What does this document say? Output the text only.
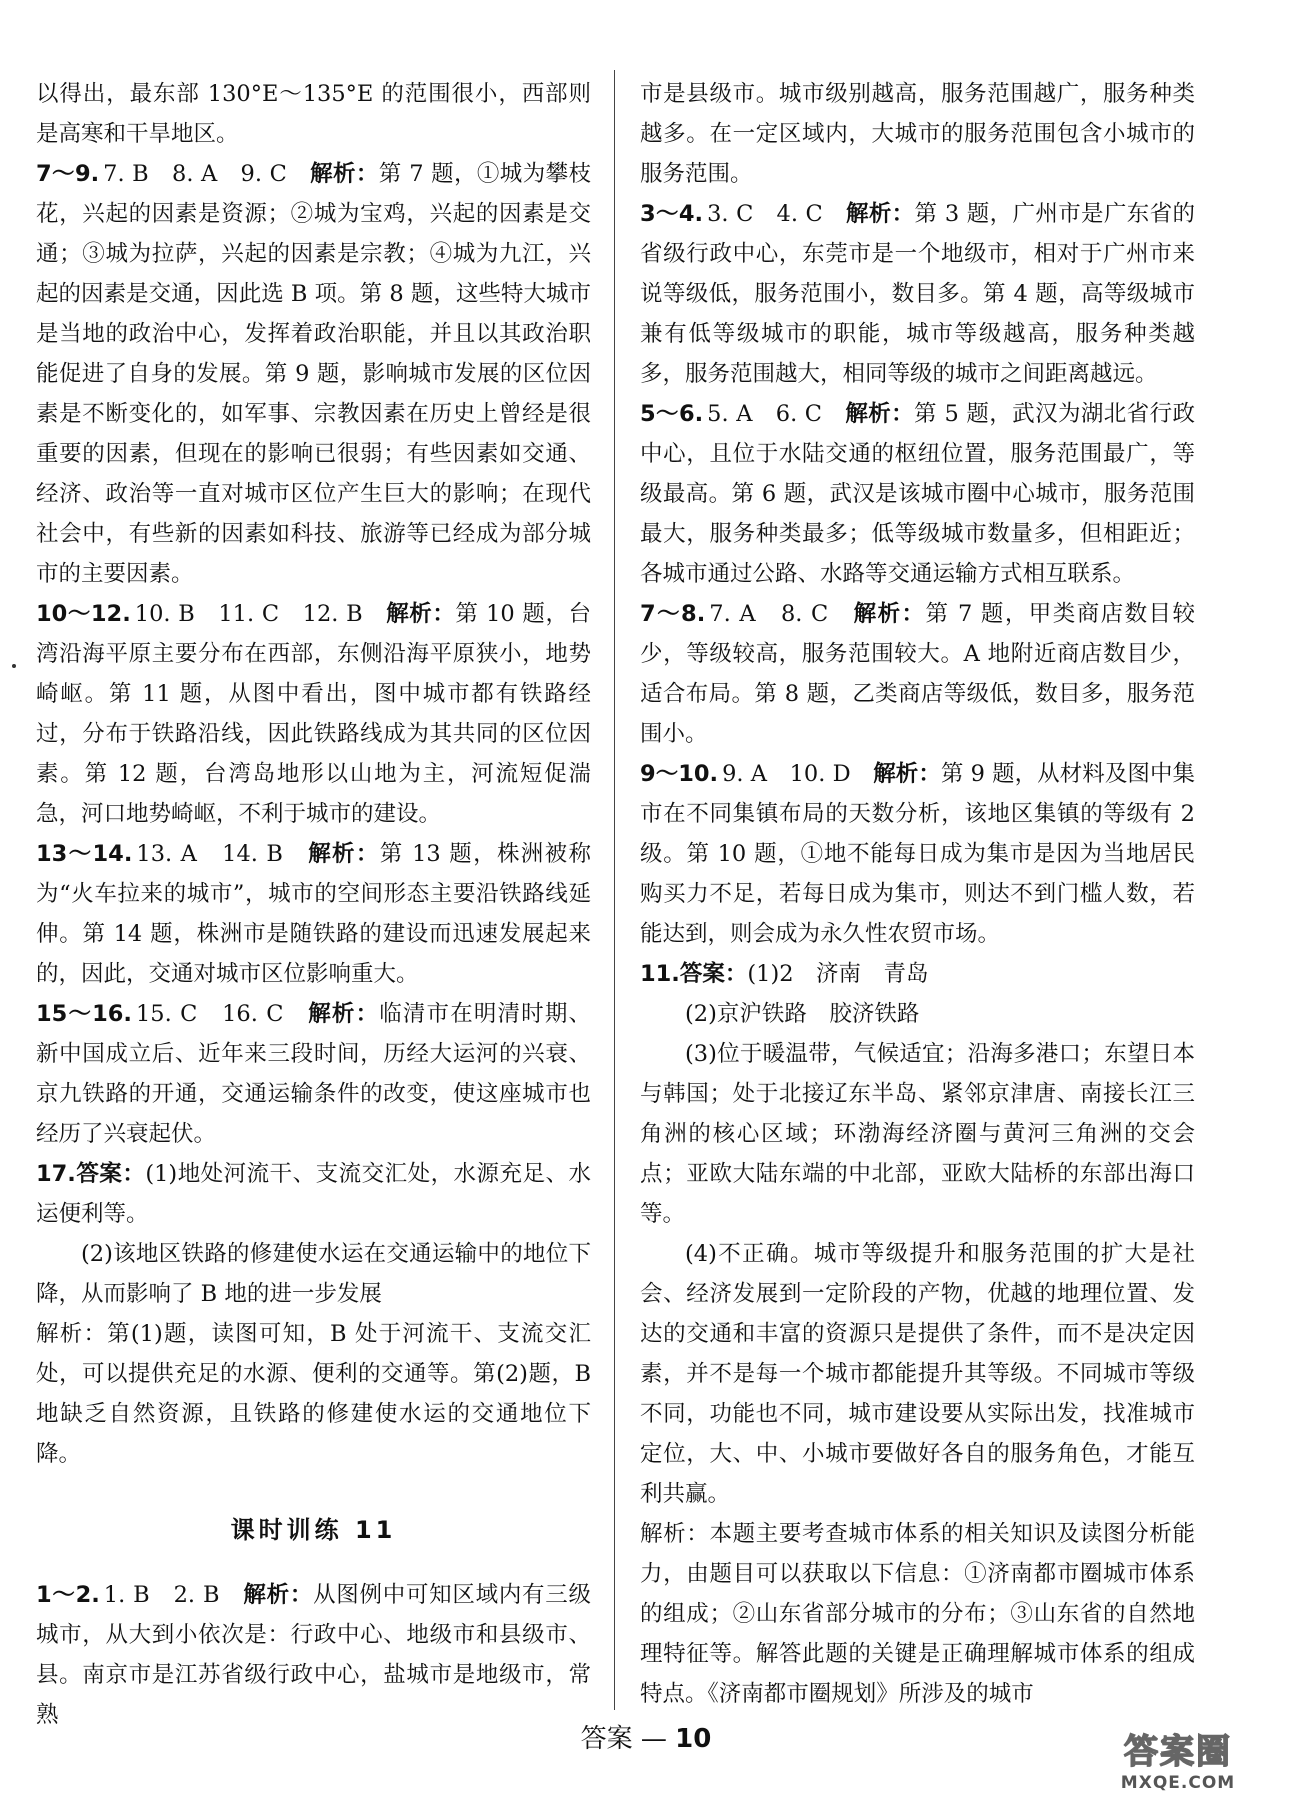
以得出，最东部 130°E～135°E 的范围很小，西部则是高寒和干旱地区。
7～9. 7. B　8. A　9. C　 解析：第 7 题，①城为攀枝花，兴起的因素是资源；②城为宝鸡，兴起的因素是交通；③城为拉萨，兴起的因素是宗教；④城为九江，兴起的因素是交通，因此选 B 项。第 8 题，这些特大城市是当地的政治中心，发挥着政治职能，并且以其政治职能促进了自身的发展。第 9 题，影响城市发展的区位因素是不断变化的，如军事、宗教因素在历史上曾经是很重要的因素，但现在的影响已很弱；有些因素如交通、经济、政治等一直对城市区位产生巨大的影响；在现代社会中，有些新的因素如科技、旅游等已经成为部分城市的主要因素。
10～12. 10. B　11. C　12. B　 解析：第 10 题，台湾沿海平原主要分布在西部，东侧沿海平原狭小，地势崎岖。第 11 题，从图中看出，图中城市都有铁路经过，分布于铁路沿线，因此铁路线成为其共同的区位因素。第 12 题，台湾岛地形以山地为主，河流短促湍急，河口地势崎岖，不利于城市的建设。
13～14. 13. A　14. B　 解析：第 13 题，株洲被称为“火车拉来的城市”，城市的空间形态主要沿铁路线延伸。第 14 题，株洲市是随铁路的建设而迅速发展起来的，因此，交通对城市区位影响重大。
15～16. 15. C　16. C　 解析：临清市在明清时期、新中国成立后、近年来三段时间，历经大运河的兴衰、京九铁路的开通，交通运输条件的改变，使这座城市也经历了兴衰起伏。
17.答案：(1)地处河流干、支流交汇处，水源充足、水运便利等。
(2)该地区铁路的修建使水运在交通运输中的地位下降，从而影响了 B 地的进一步发展
解析：第(1)题，读图可知，B 处于河流干、支流交汇处，可以提供充足的水源、便利的交通等。第(2)题，B 地缺乏自然资源，且铁路的修建使水运的交通地位下降。
课时训练 11
1～2. 1. B　2. B　 解析：从图例中可知区域内有三级城市，从大到小依次是：行政中心、地级市和县级市、县。南京市是江苏省级行政中心，盐城市是地级市，常熟
市是县级市。城市级别越高，服务范围越广，服务种类越多。在一定区域内，大城市的服务范围包含小城市的服务范围。
3～4. 3. C　4. C　 解析：第 3 题，广州市是广东省的省级行政中心，东莞市是一个地级市，相对于广州市来说等级低，服务范围小，数目多。第 4 题，高等级城市兼有低等级城市的职能，城市等级越高，服务种类越多，服务范围越大，相同等级的城市之间距离越远。
5～6. 5. A　6. C　 解析：第 5 题，武汉为湖北省行政中心，且位于水陆交通的枢纽位置，服务范围最广，等级最高。第 6 题，武汉是该城市圈中心城市，服务范围最大，服务种类最多；低等级城市数量多，但相距近；各城市通过公路、水路等交通运输方式相互联系。
7～8. 7. A　8. C　 解析：第 7 题，甲类商店数目较少，等级较高，服务范围较大。A 地附近商店数目少，适合布局。第 8 题，乙类商店等级低，数目多，服务范围小。
9～10. 9. A　10. D　 解析：第 9 题，从材料及图中集市在不同集镇布局的天数分析，该地区集镇的等级有 2 级。第 10 题，①地不能每日成为集市是因为当地居民购买力不足，若每日成为集市，则达不到门槛人数，若能达到，则会成为永久性农贸市场。
11.答案：(1)2　济南　青岛
(2)京沪铁路　胶济铁路
(3)位于暖温带，气候适宜；沿海多港口；东望日本与韩国；处于北接辽东半岛、紧邻京津唐、南接长江三角洲的核心区域；环渤海经济圈与黄河三角洲的交会点；亚欧大陆东端的中北部，亚欧大陆桥的东部出海口等。
(4)不正确。城市等级提升和服务范围的扩大是社会、经济发展到一定阶段的产物，优越的地理位置、发达的交通和丰富的资源只是提供了条件，而不是决定因素，并不是每一个城市都能提升其等级。不同城市等级不同，功能也不同，城市建设要从实际出发，找准城市定位，大、中、小城市要做好各自的服务角色，才能互利共赢。
解析：本题主要考查城市体系的相关知识及读图分析能力，由题目可以获取以下信息：①济南都市圈城市体系的组成；②山东省部分城市的分布；③山东省的自然地理特征等。解答此题的关键是正确理解城市体系的组成特点。《济南都市圈规划》所涉及的城市
答案 — 10	答案圈
MXQE.COM
